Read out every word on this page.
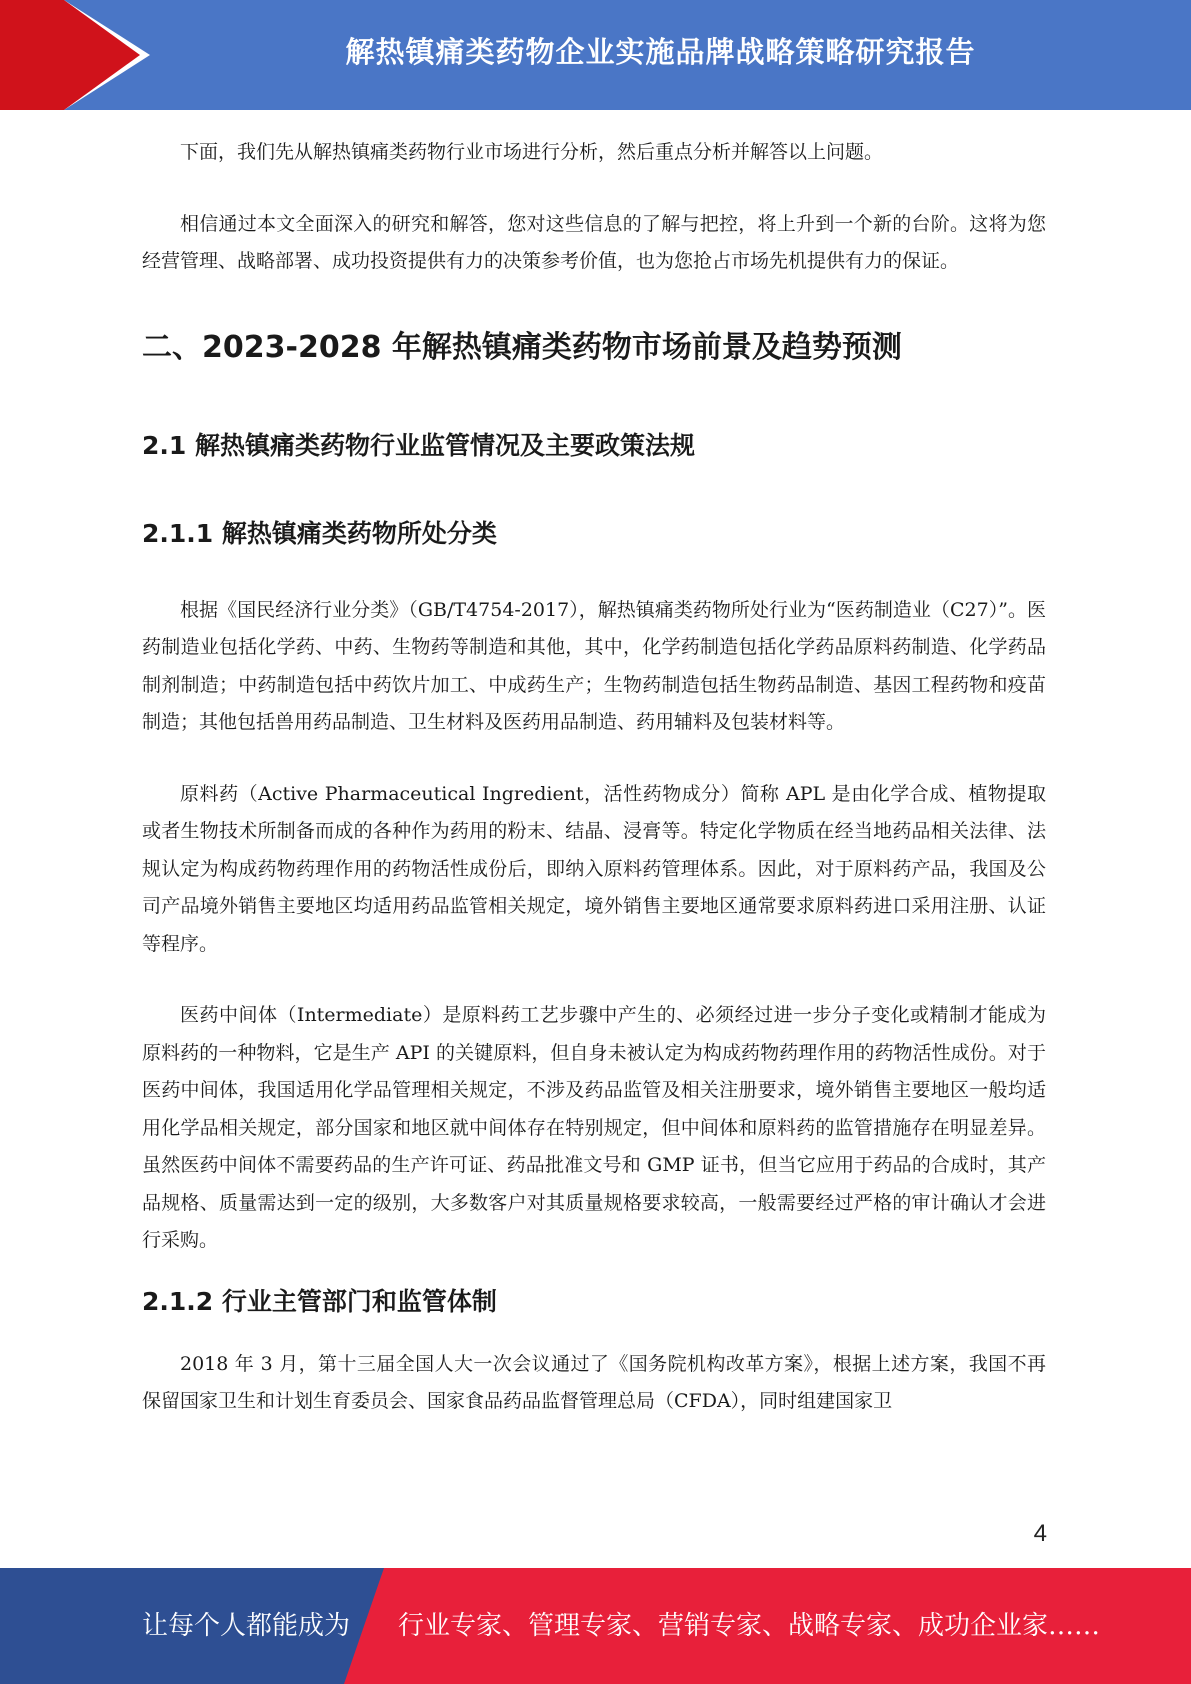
解热镇痛类药物企业实施品牌战略策略研究报告

下面，我们先从解热镇痛类药物行业市场进行分析，然后重点分析并解答以上问题。

相信通过本文全面深入的研究和解答，您对这些信息的了解与把控，将上升到一个新的台阶。这将为您经营管理、战略部署、成功投资提供有力的决策参考价值，也为您抢占市场先机提供有力的保证。

二、2023-2028 年解热镇痛类药物市场前景及趋势预测
2.1 解热镇痛类药物行业监管情况及主要政策法规
2.1.1 解热镇痛类药物所处分类

根据《国民经济行业分类》（GB/T4754-2017），解热镇痛类药物所处行业为“医药制造业（C27）”。医药制造业包括化学药、中药、生物药等制造和其他，其中，化学药制造包括化学药品原料药制造、化学药品制剂制造；中药制造包括中药饮片加工、中成药生产；生物药制造包括生物药品制造、基因工程药物和疫苗制造；其他包括兽用药品制造、卫生材料及医药用品制造、药用辅料及包装材料等。

原料药（Active Pharmaceutical Ingredient，活性药物成分）简称 APL 是由化学合成、植物提取或者生物技术所制备而成的各种作为药用的粉末、结晶、浸膏等。特定化学物质在经当地药品相关法律、法规认定为构成药物药理作用的药物活性成份后，即纳入原料药管理体系。因此，对于原料药产品，我国及公司产品境外销售主要地区均适用药品监管相关规定，境外销售主要地区通常要求原料药进口采用注册、认证等程序。

医药中间体（Intermediate）是原料药工艺步骤中产生的、必须经过进一步分子变化或精制才能成为原料药的一种物料，它是生产 API 的关键原料，但自身未被认定为构成药物药理作用的药物活性成份。对于医药中间体，我国适用化学品管理相关规定，不涉及药品监管及相关注册要求，境外销售主要地区一般均适用化学品相关规定，部分国家和地区就中间体存在特别规定，但中间体和原料药的监管措施存在明显差异。虽然医药中间体不需要药品的生产许可证、药品批准文号和 GMP 证书，但当它应用于药品的合成时，其产品规格、质量需达到一定的级别，大多数客户对其质量规格要求较高，一般需要经过严格的审计确认才会进行采购。

2.1.2 行业主管部门和监管体制

2018 年 3 月，第十三届全国人大一次会议通过了《国务院机构改革方案》，根据上述方案，我国不再保留国家卫生和计划生育委员会、国家食品药品监督管理总局（CFDA），同时组建国家卫

4
让每个人都能成为 行业专家、管理专家、营销专家、战略专家、成功企业家……
